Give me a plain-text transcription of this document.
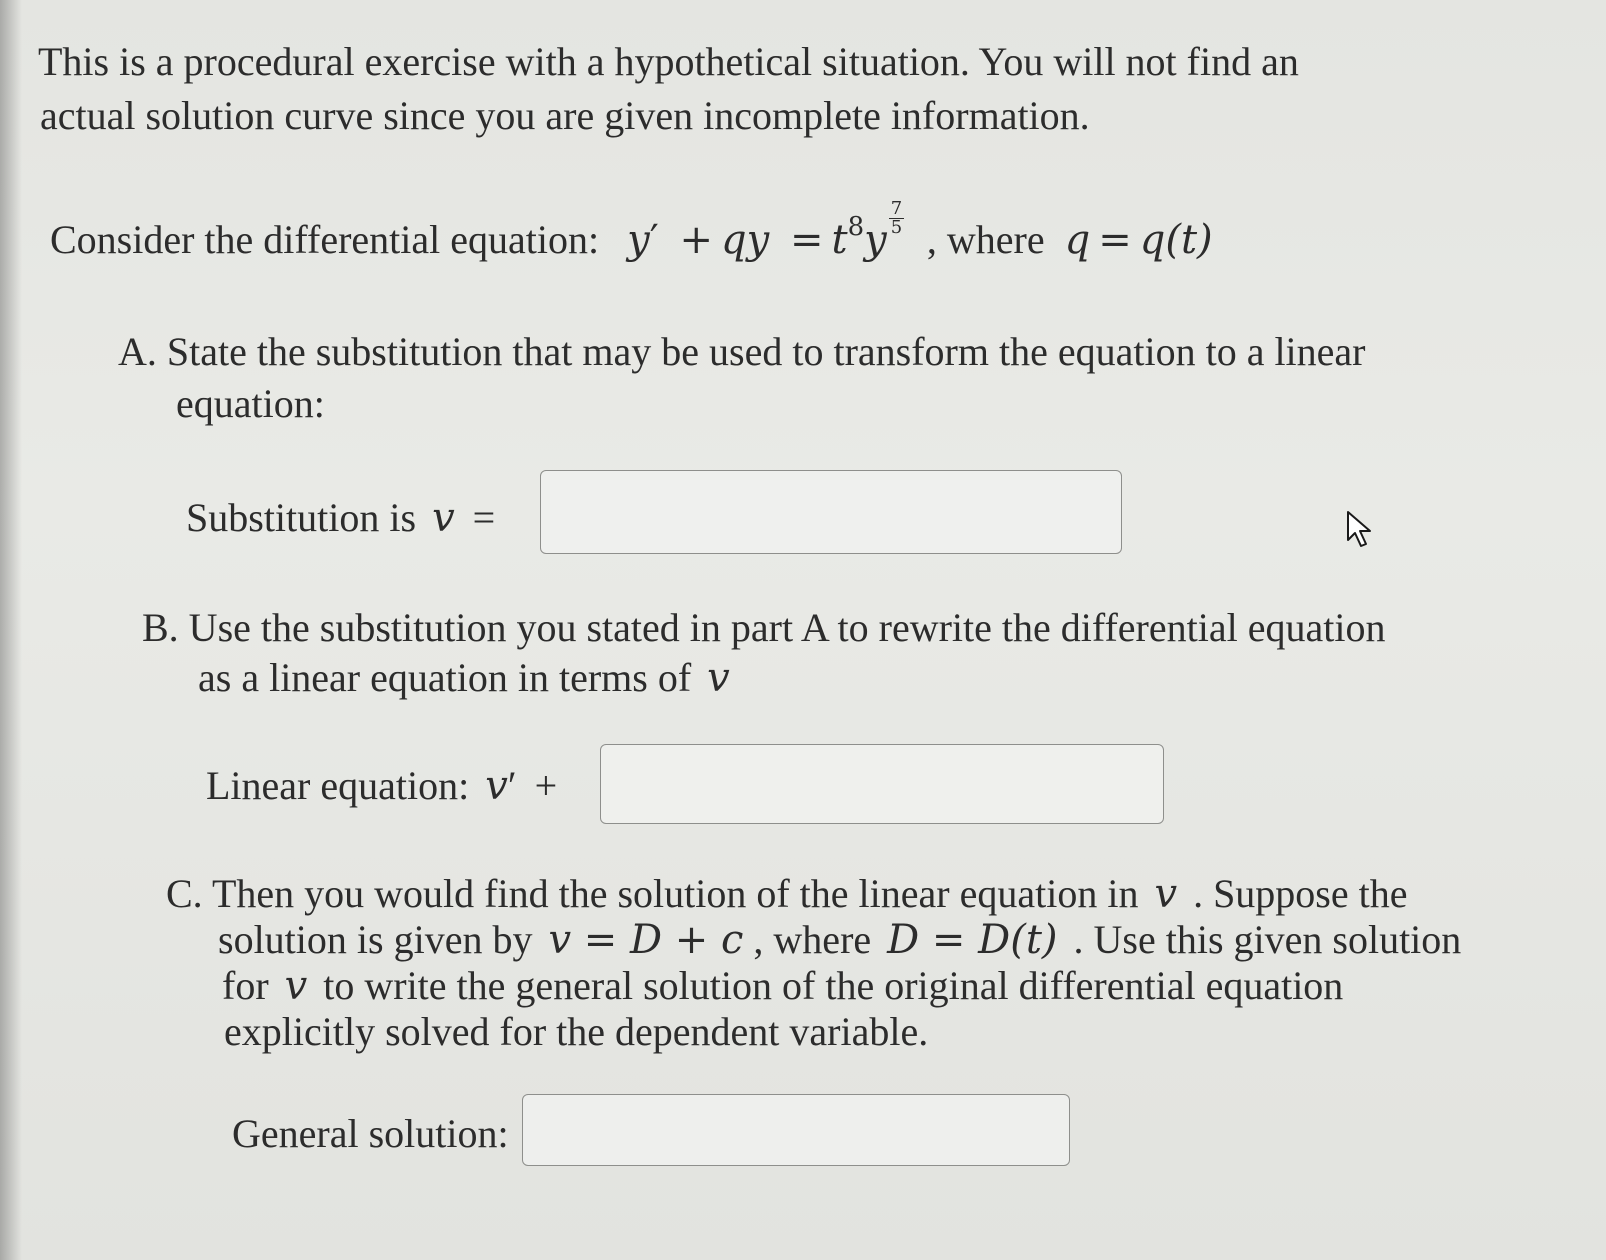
This is a procedural exercise with a hypothetical situation. You will not find an
actual solution curve since you are given incomplete information.
Consider the differential equation: y′ + qy = $t^8y \frac{7}{5}$ , where q = q(t)
A. State the substitution that may be used to transform the equation to a linear
equation:
Substitution is v =
B. Use the substitution you stated in part A to rewrite the differential equation
as a linear equation in terms of v
Linear equation: v′ +
C. Then you would find the solution of the linear equation in v . Suppose the
solution is given by v = D + c , where D = D(t) . Use this given solution
for v to write the general solution of the original differential equation
explicitly solved for the dependent variable.
General solution:
